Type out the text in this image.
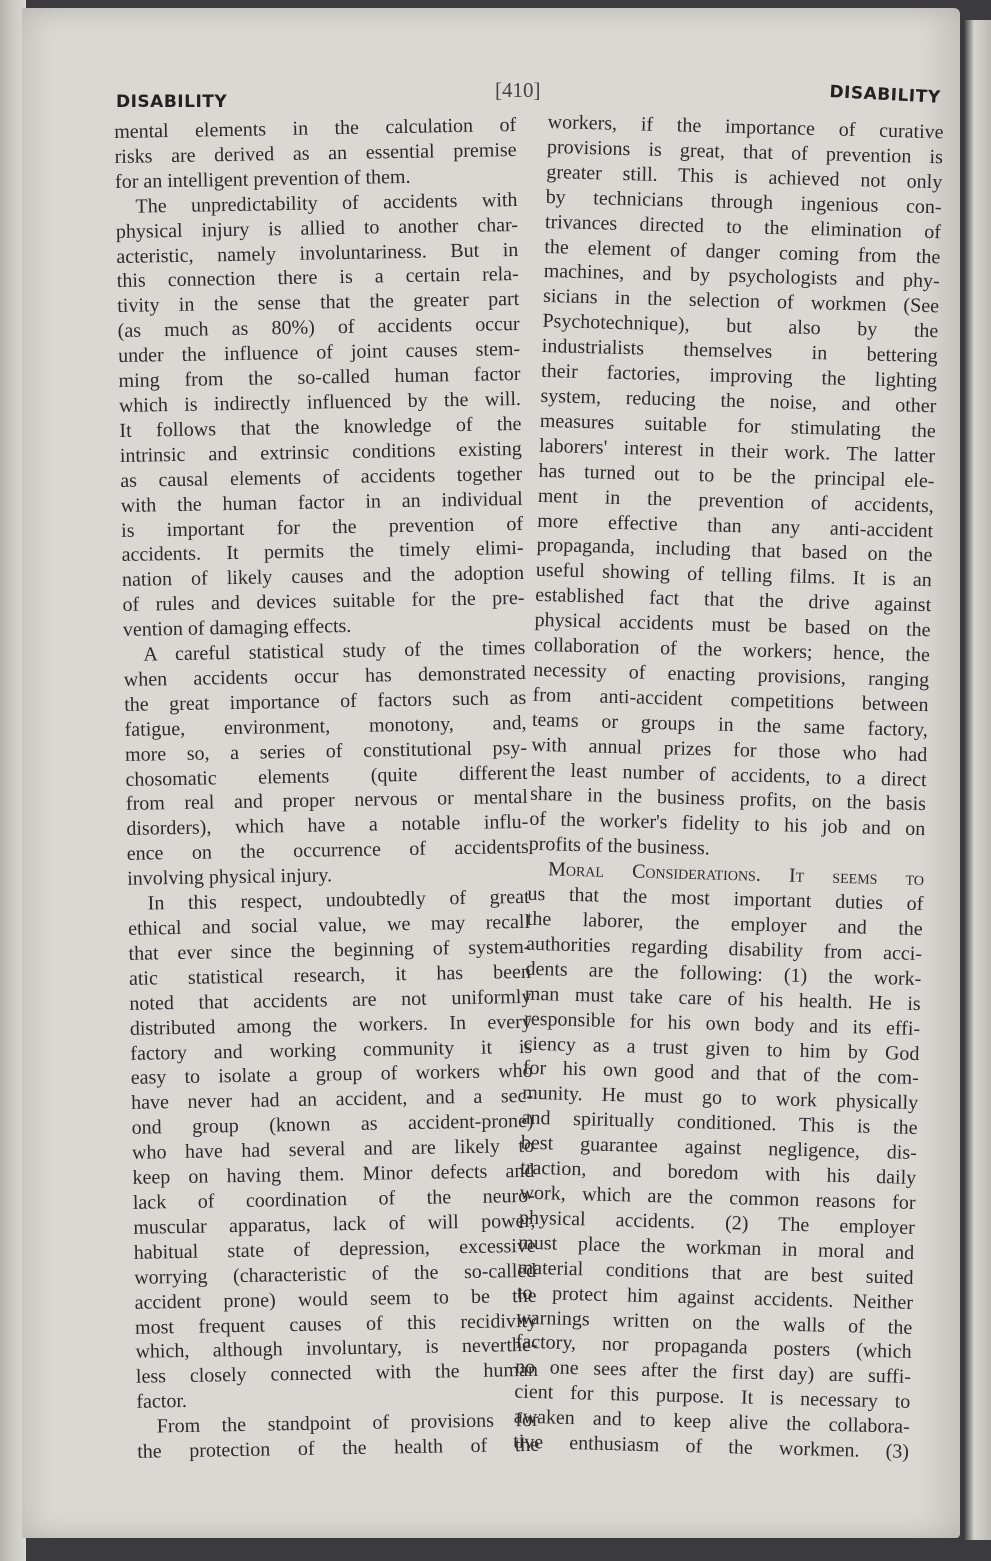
DISABILITY	[410]	DISABILITY
mental elements in the calculation of
risks are derived as an essential premise
for an intelligent prevention of them.
The unpredictability of accidents with
physical injury is allied to another char-
acteristic, namely involuntariness. But in
this connection there is a certain rela-
tivity in the sense that the greater part
(as much as 80%) of accidents occur
under the influence of joint causes stem-
ming from the so-called human factor
which is indirectly influenced by the will.
It follows that the knowledge of the
intrinsic and extrinsic conditions existing
as causal elements of accidents together
with the human factor in an individual
is important for the prevention of
accidents. It permits the timely elimi-
nation of likely causes and the adoption
of rules and devices suitable for the pre-
vention of damaging effects.
A careful statistical study of the times
when accidents occur has demonstrated
the great importance of factors such as
fatigue, environment, monotony, and,
more so, a series of constitutional psy-
chosomatic elements (quite different
from real and proper nervous or mental
disorders), which have a notable influ-
ence on the occurrence of accidents
involving physical injury.
In this respect, undoubtedly of great
ethical and social value, we may recall
that ever since the beginning of system-
atic statistical research, it has been
noted that accidents are not uniformly
distributed among the workers. In every
factory and working community it is
easy to isolate a group of workers who
have never had an accident, and a sec-
ond group (known as accident-prone)
who have had several and are likely to
keep on having them. Minor defects and
lack of coordination of the neuro-
muscular apparatus, lack of will power,
habitual state of depression, excessive
worrying (characteristic of the so-called
accident prone) would seem to be the
most frequent causes of this recidivity
which, although involuntary, is neverthe-
less closely connected with the human
factor.
From the standpoint of provisions for
the protection of the health of the
workers, if the importance of curative
provisions is great, that of prevention is
greater still. This is achieved not only
by technicians through ingenious con-
trivances directed to the elimination of
the element of danger coming from the
machines, and by psychologists and phy-
sicians in the selection of workmen (See
Psychotechnique), but also by the
industrialists themselves in bettering
their factories, improving the lighting
system, reducing the noise, and other
measures suitable for stimulating the
laborers' interest in their work. The latter
has turned out to be the principal ele-
ment in the prevention of accidents,
more effective than any anti-accident
propaganda, including that based on the
useful showing of telling films. It is an
established fact that the drive against
physical accidents must be based on the
collaboration of the workers; hence, the
necessity of enacting provisions, ranging
from anti-accident competitions between
teams or groups in the same factory,
with annual prizes for those who had
the least number of accidents, to a direct
share in the business profits, on the basis
of the worker's fidelity to his job and on
profits of the business.
Moral Considerations. It seems to
us that the most important duties of
the laborer, the employer and the
authorities regarding disability from acci-
dents are the following: (1) the work-
man must take care of his health. He is
responsible for his own body and its effi-
ciency as a trust given to him by God
for his own good and that of the com-
munity. He must go to work physically
and spiritually conditioned. This is the
best guarantee against negligence, dis-
traction, and boredom with his daily
work, which are the common reasons for
physical accidents. (2) The employer
must place the workman in moral and
material conditions that are best suited
to protect him against accidents. Neither
warnings written on the walls of the
factory, nor propaganda posters (which
no one sees after the first day) are suffi-
cient for this purpose. It is necessary to
awaken and to keep alive the collabora-
tive enthusiasm of the workmen. (3)
